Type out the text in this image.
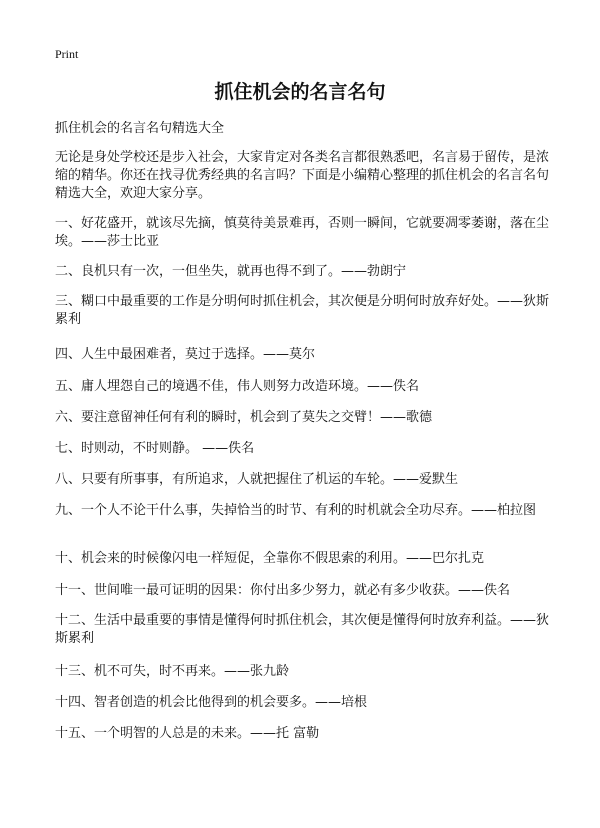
Print
抓住机会的名言名句

抓住机会的名言名句精选大全

无论是身处学校还是步入社会，大家肯定对各类名言都很熟悉吧，名言易于留传，是浓缩的精华。你还在找寻优秀经典的名言吗？下面是小编精心整理的抓住机会的名言名句精选大全，欢迎大家分享。

一、好花盛开，就该尽先摘，慎莫待美景难再，否则一瞬间，它就要凋零萎谢，落在尘埃。——莎士比亚
二、良机只有一次，一但坐失，就再也得不到了。——勃朗宁
三、糊口中最重要的工作是分明何时抓住机会，其次便是分明何时放弃好处。——狄斯累利
四、人生中最困难者，莫过于选择。——莫尔
五、庸人埋怨自己的境遇不佳，伟人则努力改造环境。——佚名
六、要注意留神任何有利的瞬时，机会到了莫失之交臂！——歌德
七、时则动，不时则静。 ——佚名
八、只要有所事事，有所追求，人就把握住了机运的车轮。——爱默生
九、一个人不论干什么事，失掉恰当的时节、有利的时机就会全功尽弃。——柏拉图
十、机会来的时候像闪电一样短促，全靠你不假思索的利用。——巴尔扎克
十一、世间唯一最可证明的因果：你付出多少努力，就必有多少收获。——佚名
十二、生活中最重要的事情是懂得何时抓住机会，其次便是懂得何时放弃利益。——狄斯累利
十三、机不可失，时不再来。——张九龄
十四、智者创造的机会比他得到的机会要多。——培根
十五、一个明智的人总是的未来。——托 富勒
